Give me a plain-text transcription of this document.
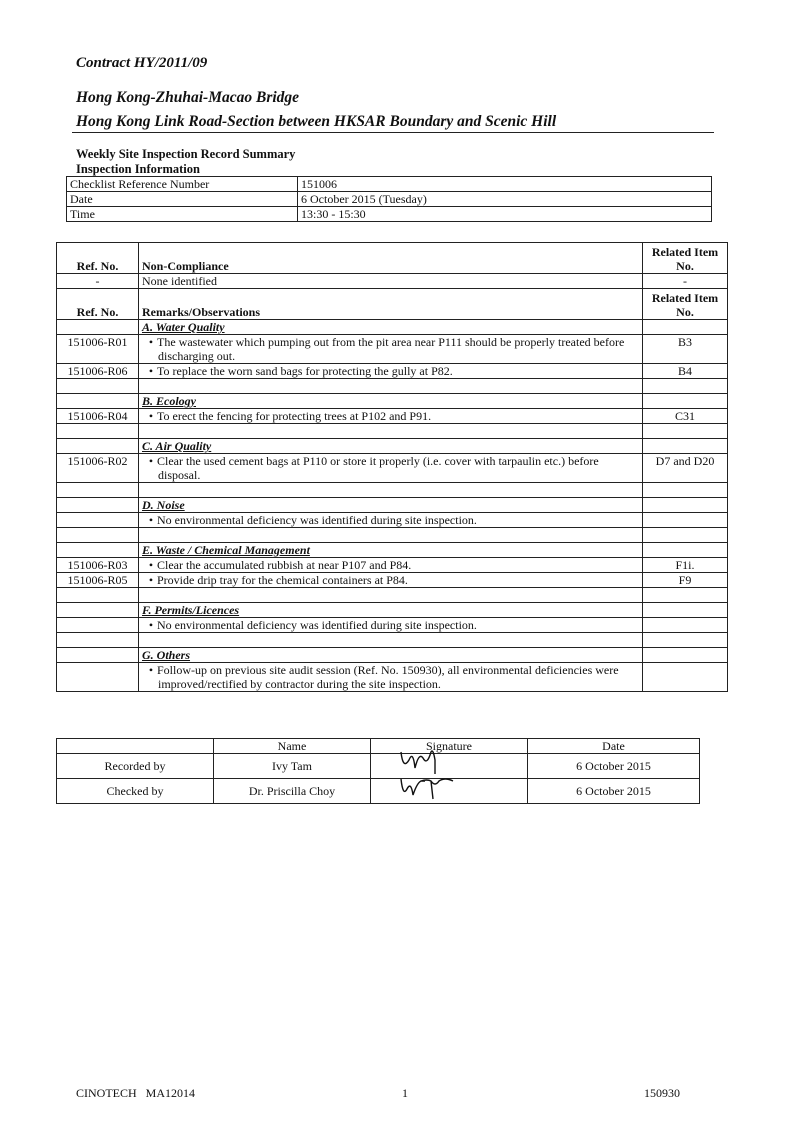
Contract HY/2011/09
Hong Kong-Zhuhai-Macao Bridge
Hong Kong Link Road-Section between HKSAR Boundary and Scenic Hill
Weekly Site Inspection Record Summary
Inspection Information
Checklist Reference Number	151006
Date	6 October 2015 (Tuesday)
Time	13:30 - 15:30
Ref. No.	Non-Compliance	Related Item No.
-	None identified	-
Ref. No.	Remarks/Observations	Related Item No.
	A. Water Quality	
151006-R01	• The wastewater which pumping out from the pit area near P111 should be properly treated before discharging out.	B3
151006-R06	• To replace the worn sand bags for protecting the gully at P82.	B4

	B. Ecology	
151006-R04	• To erect the fencing for protecting trees at P102 and P91.	C31

	C. Air Quality	
151006-R02	• Clear the used cement bags at P110 or store it properly (i.e. cover with tarpaulin etc.) before disposal.	D7 and D20

	D. Noise	

	• No environmental deficiency was identified during site inspection.

	E. Waste / Chemical Management	
151006-R03	• Clear the accumulated rubbish at near P107 and P84.	F1i.
151006-R05	• Provide drip tray for the chemical containers at P84.	F9

	F. Permits/Licences	

	• No environmental deficiency was identified during site inspection.

	G. Others	

	• Follow-up on previous site audit session (Ref. No. 150930), all environmental deficiencies were improved/rectified by contractor during the site inspection.

	Name	Signature	Date
Recorded by	Ivy Tam		6 October 2015
Checked by	Dr. Priscilla Choy		6 October 2015
CINOTECH   MA12014	1	150930
